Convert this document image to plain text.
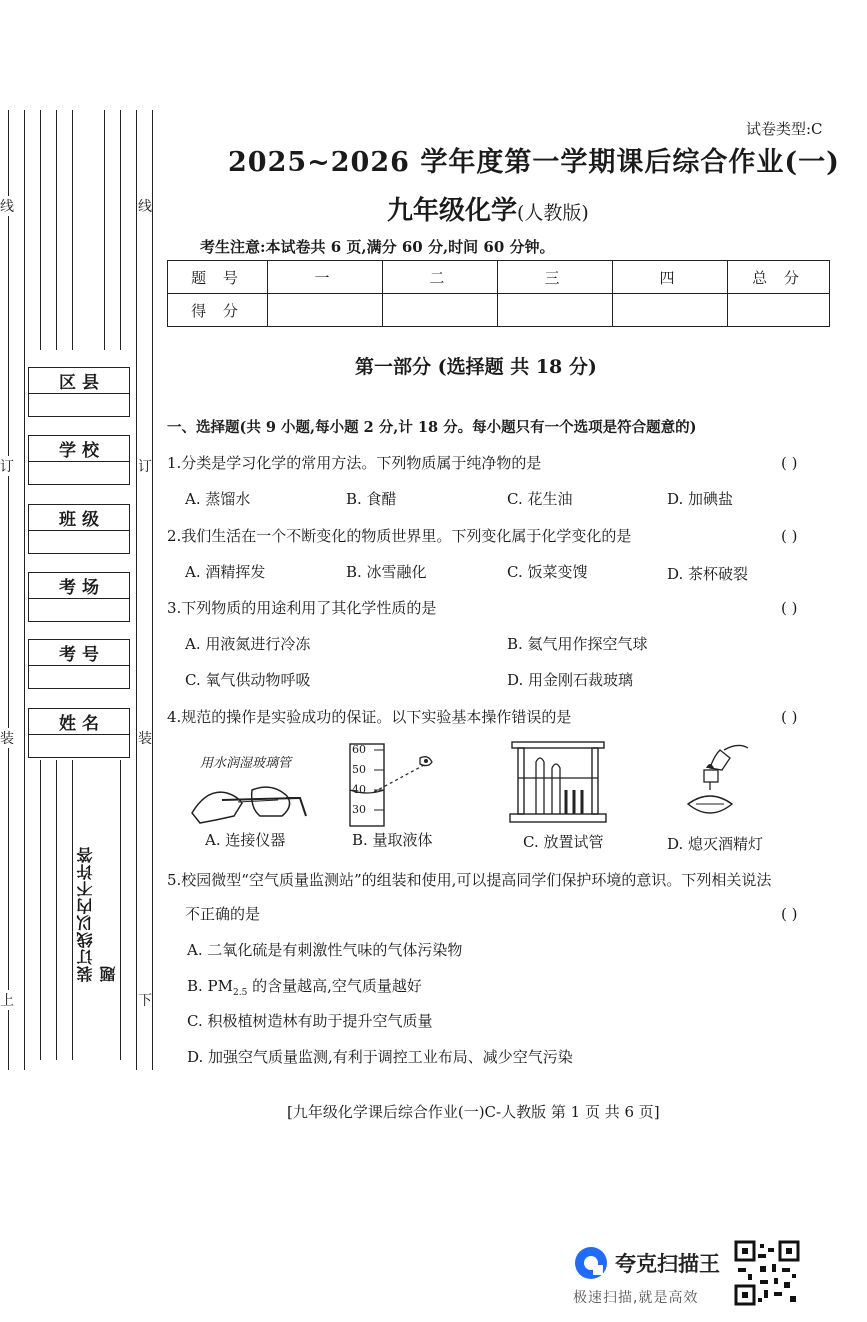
线
订
装
上
线
订
装
下
区 县
学 校
班 级
考 场
考 号
姓 名
装订线以内不许答题
试卷类型:C
2025~2026 学年度第一学期课后综合作业(一)
九年级化学(人教版)
考生注意:本试卷共 6 页,满分 60 分,时间 60 分钟。
题 号	一	二	三	四	总 分
得 分					
第一部分 (选择题 共 18 分)
一、选择题(共 9 小题,每小题 2 分,计 18 分。每小题只有一个选项是符合题意的)
1.分类是学习化学的常用方法。下列物质属于纯净物的是	( )
A. 蒸馏水	B. 食醋	C. 花生油	D. 加碘盐
2.我们生活在一个不断变化的物质世界里。下列变化属于化学变化的是	( )
A. 酒精挥发	B. 冰雪融化	C. 饭菜变馊	D. 茶杯破裂
3.下列物质的用途利用了其化学性质的是	( )
A. 用液氮进行冷冻	B. 氦气用作探空气球
C. 氧气供动物呼吸	D. 用金刚石裁玻璃
4.规范的操作是实验成功的保证。以下实验基本操作错误的是	( )
用水润湿玻璃管
60
50
40
30
A. 连接仪器	B. 量取液体	C. 放置试管	D. 熄灭酒精灯
5.校园微型“空气质量监测站”的组装和使用,可以提高同学们保护环境的意识。下列相关说法
不正确的是	( )
A. 二氧化硫是有刺激性气味的气体污染物
B. $PM_{2.5}$ 的含量越高,空气质量越好
C. 积极植树造林有助于提升空气质量
D. 加强空气质量监测,有利于调控工业布局、减少空气污染
[九年级化学课后综合作业(一)C-人教版 第 1 页 共 6 页]
夸克扫描王
极速扫描,就是高效
